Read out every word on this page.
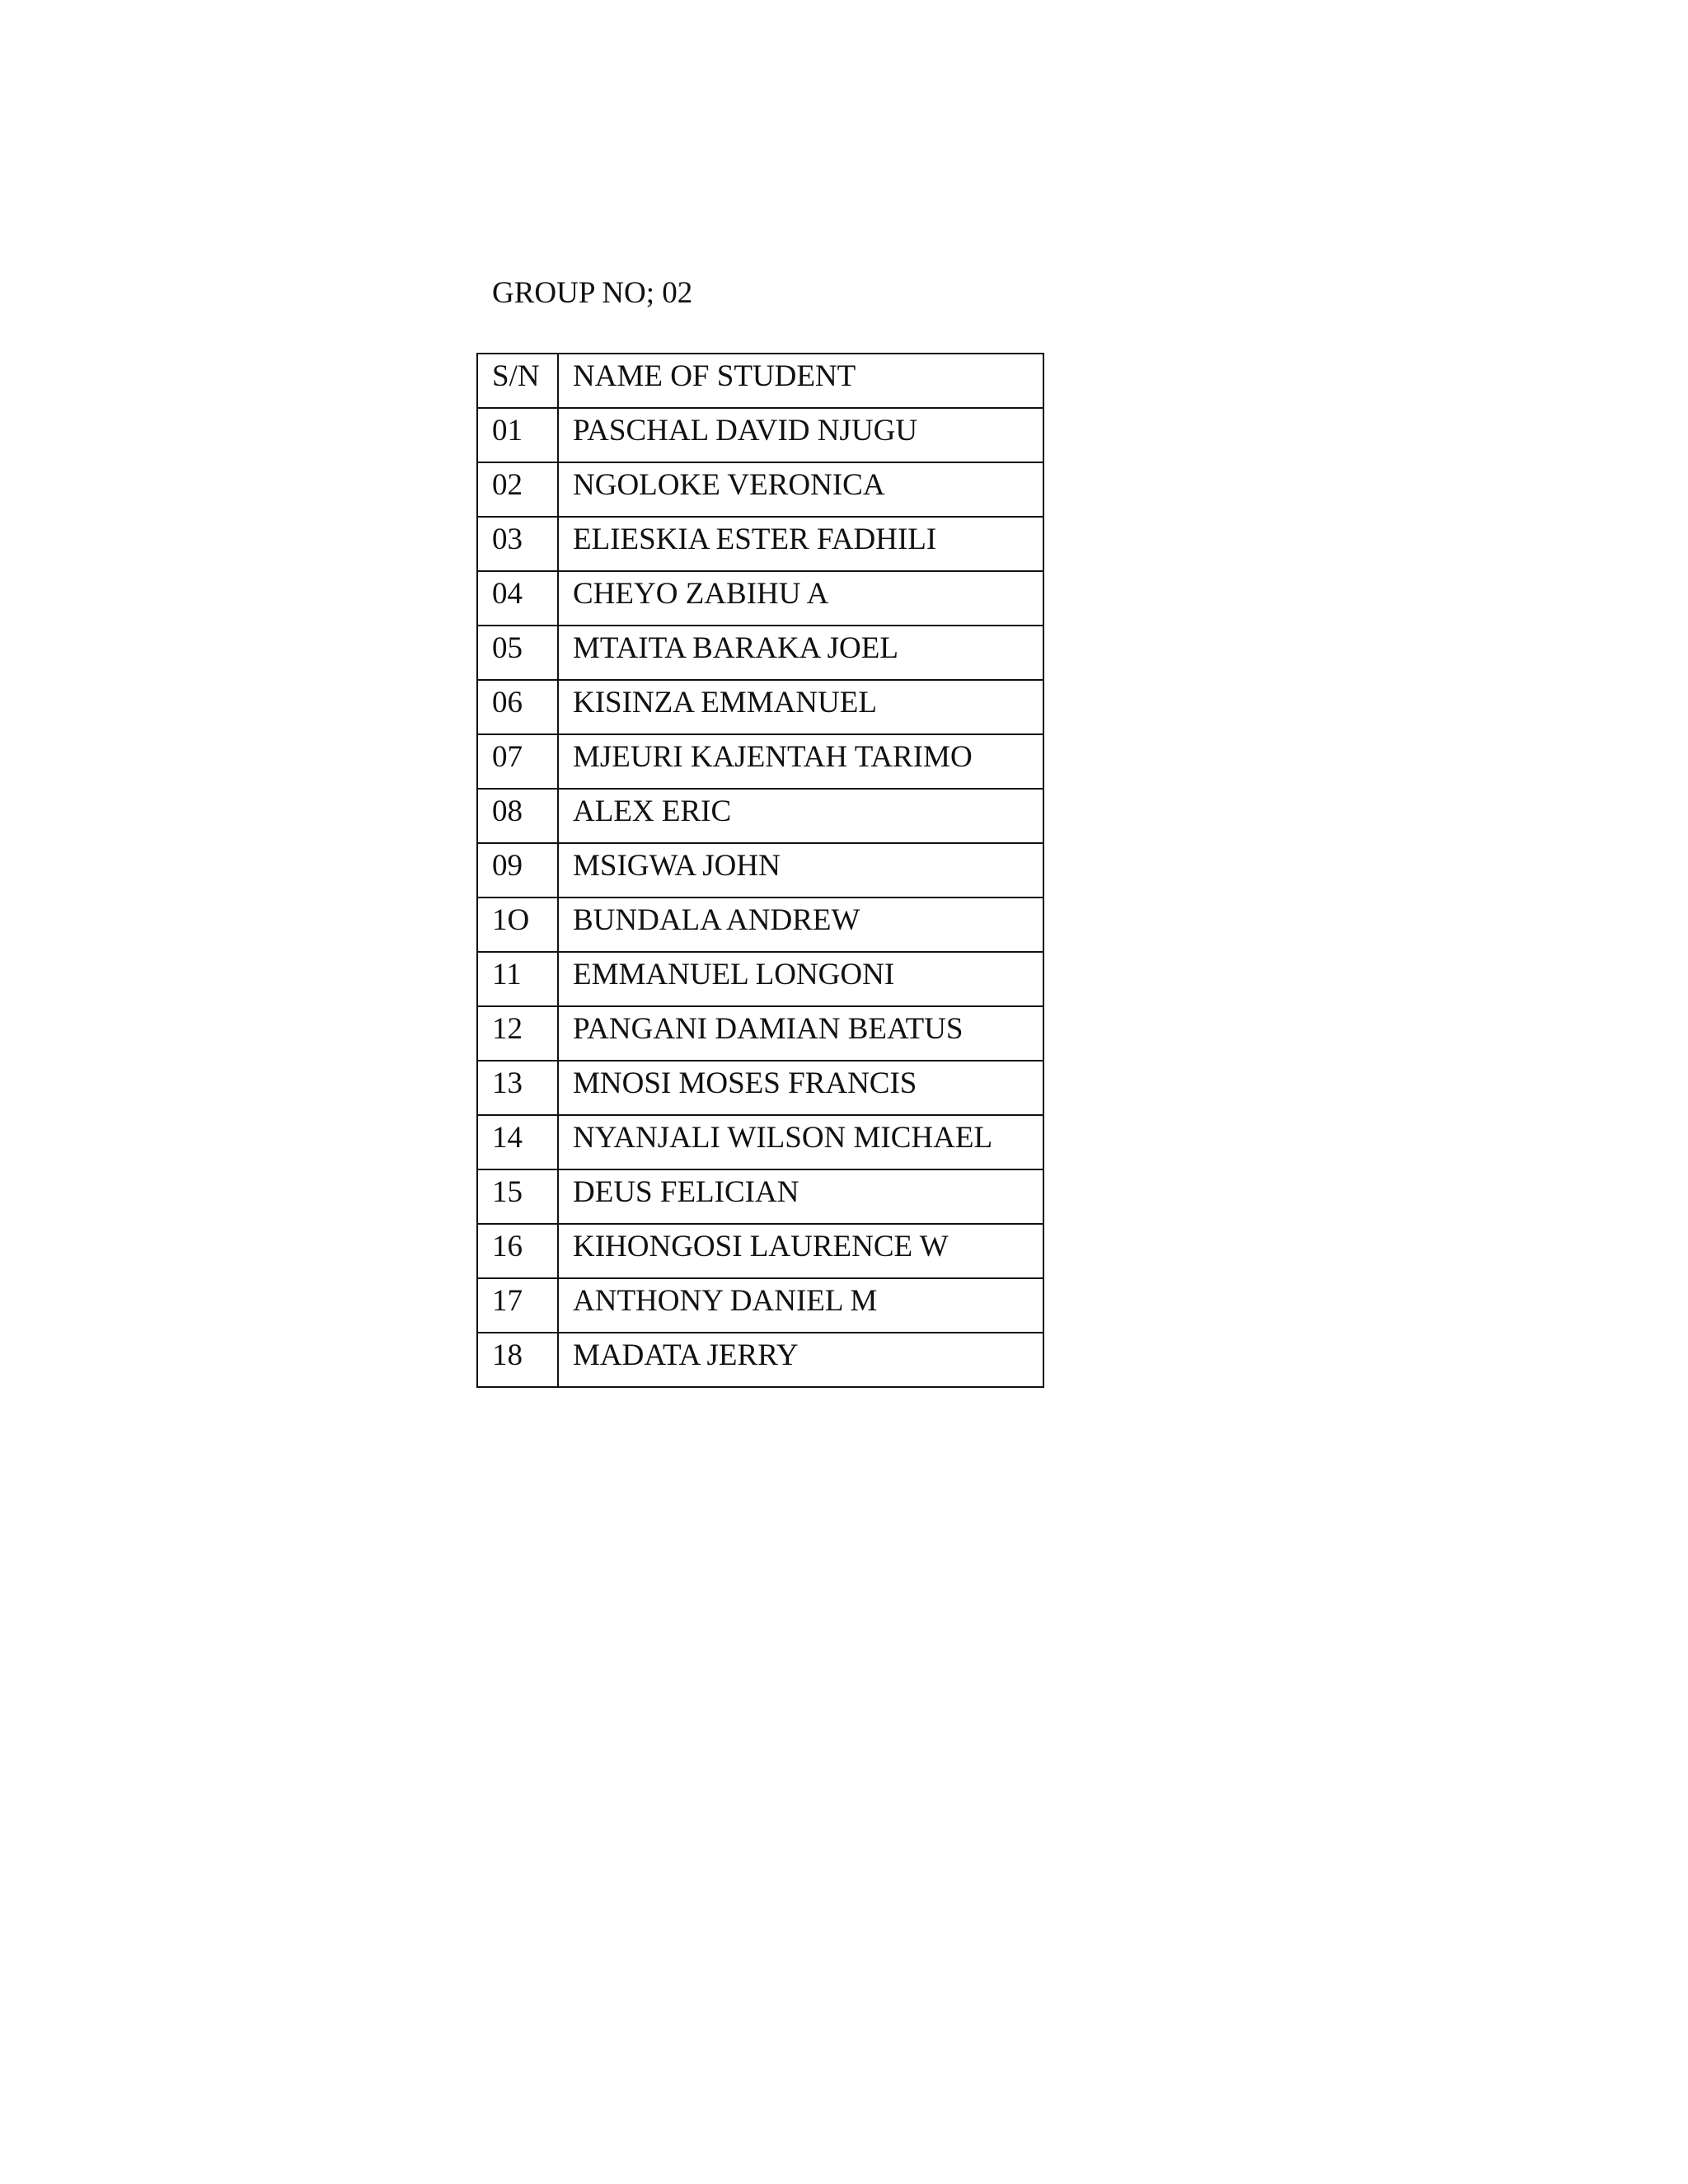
GROUP NO; 02
S/N	NAME OF STUDENT
01	PASCHAL DAVID NJUGU
02	NGOLOKE VERONICA
03	ELIESKIA ESTER FADHILI
04	CHEYO ZABIHU A
05	MTAITA BARAKA JOEL
06	KISINZA EMMANUEL
07	MJEURI KAJENTAH TARIMO
08	ALEX ERIC
09	MSIGWA JOHN
1O	BUNDALA ANDREW
11	EMMANUEL LONGONI
12	PANGANI DAMIAN BEATUS
13	MNOSI MOSES FRANCIS
14	NYANJALI WILSON MICHAEL
15	DEUS FELICIAN
16	KIHONGOSI LAURENCE W
17	ANTHONY DANIEL M
18	MADATA JERRY
